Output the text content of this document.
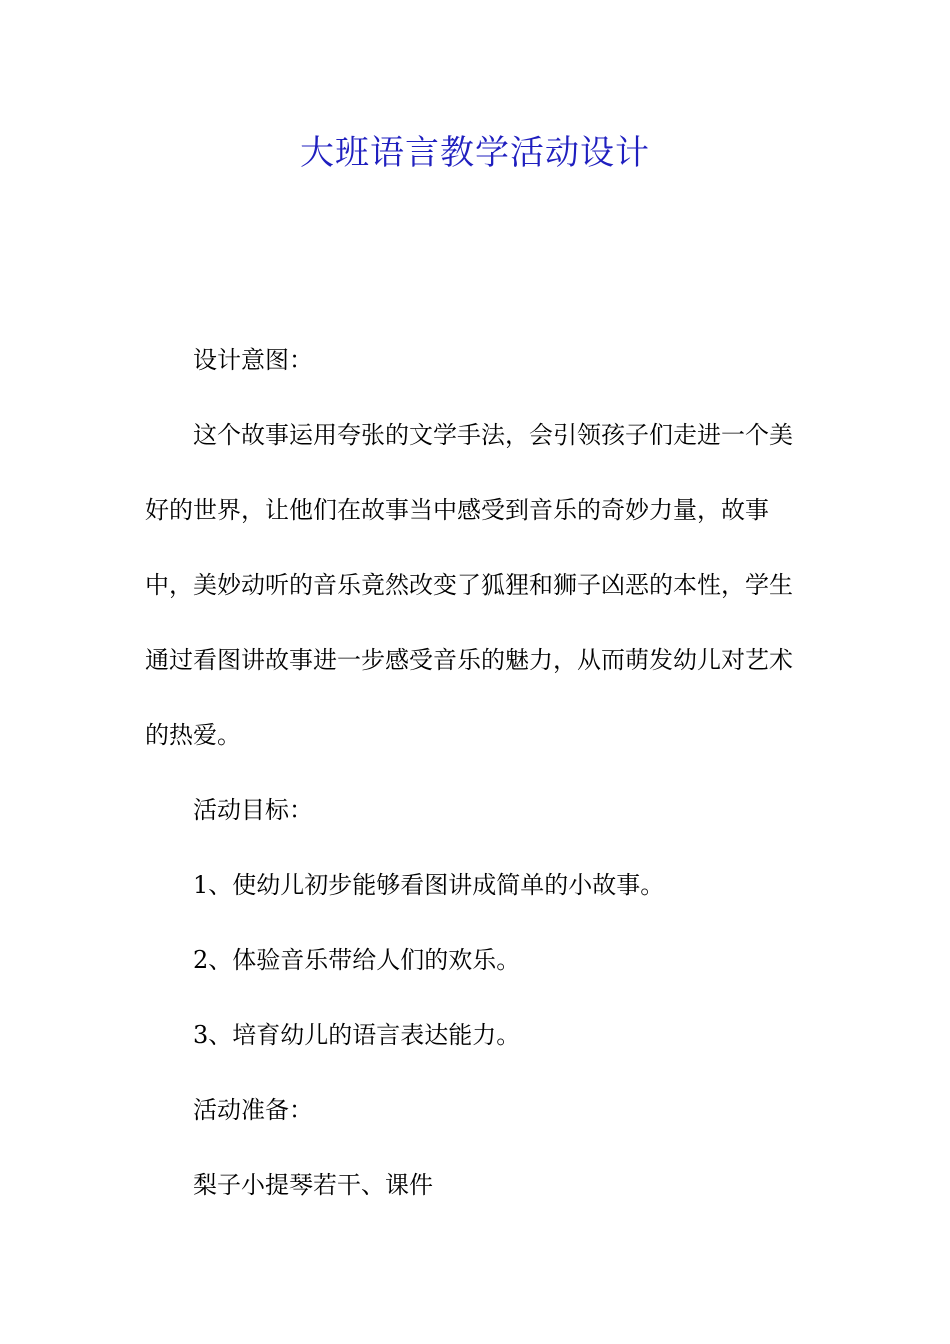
大班语言教学活动设计

设计意图：

这个故事运用夸张的文学手法，会引领孩子们走进一个美好的世界，让他们在故事当中感受到音乐的奇妙力量，故事中，美妙动听的音乐竟然改变了狐狸和狮子凶恶的本性，学生通过看图讲故事进一步感受音乐的魅力，从而萌发幼儿对艺术的热爱。

活动目标：

1、使幼儿初步能够看图讲成简单的小故事。

2、体验音乐带给人们的欢乐。

3、培育幼儿的语言表达能力。

活动准备：

梨子小提琴若干、课件
